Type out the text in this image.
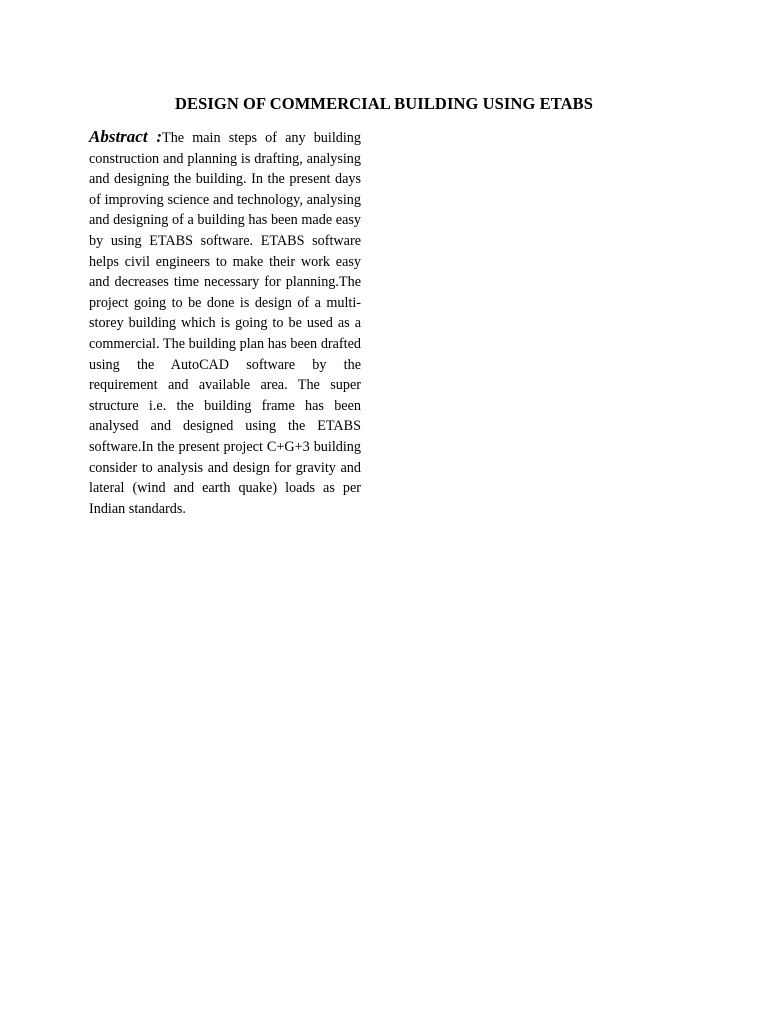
DESIGN OF COMMERCIAL BUILDING USING ETABS

Abstract :The main steps of any building construction and planning is drafting, analysing and designing the building. In the present days of improving science and technology, analysing and designing of a building has been made easy by using ETABS software. ETABS software helps civil engineers to make their work easy and decreases time necessary for planning.The project going to be done is design of a multi-storey building which is going to be used as a commercial. The building plan has been drafted using the AutoCAD software by the requirement and available area. The super structure i.e. the building frame has been analysed and designed using the ETABS software.In the present project C+G+3 building consider to analysis and design for gravity and lateral (wind and earth quake) loads as per Indian standards.
